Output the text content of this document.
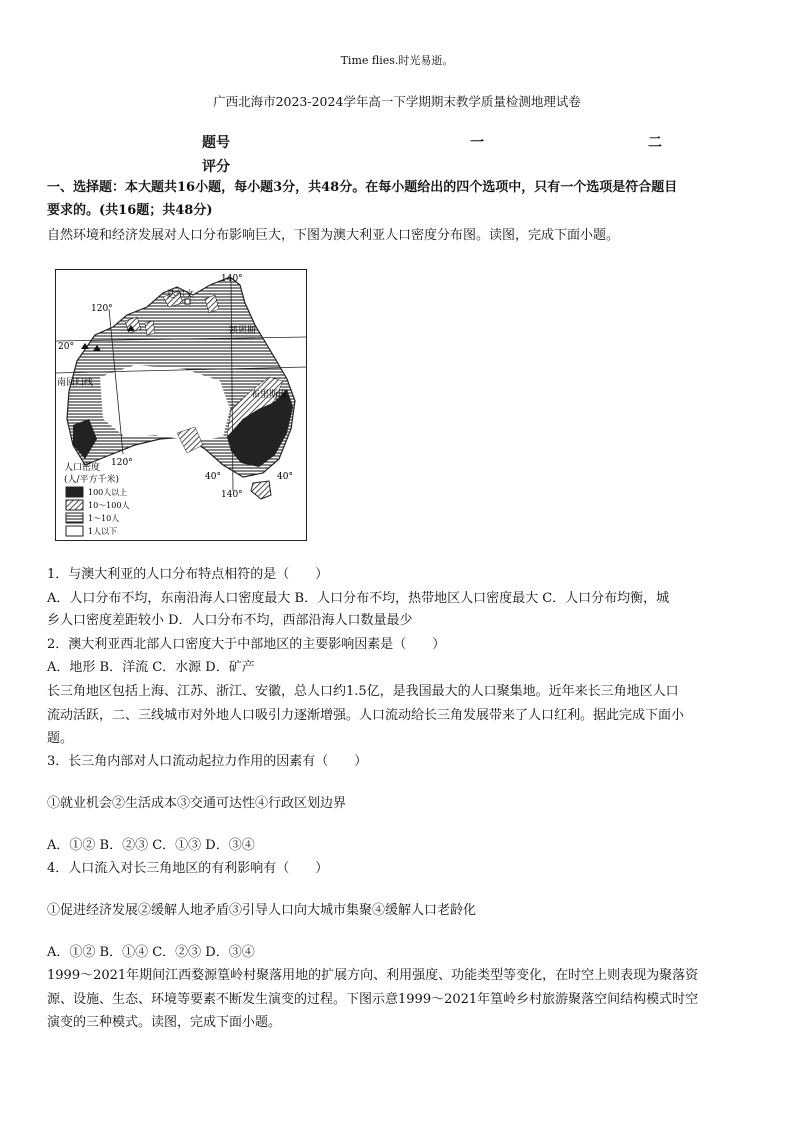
Time flies.时光易逝。
广西北海市2023-2024学年高一下学期期末教学质量检测地理试卷
题号	一	二
评分
一、选择题：本大题共16小题，每小题3分，共48分。在每小题给出的四个选项中，只有一个选项是符合题目
要求的。(共16题；共48分)
自然环境和经济发展对人口分布影响巨大，下图为澳大利亚人口密度分布图。读图，完成下面小题。
140°
120°
20°
达尔文
凯恩斯
南回归线
布里斯班
120°
40°	40°
140°
人口密度
(人/平方千米)
100人以上
10～100人
1～10人
1人以下
1．与澳大利亚的人口分布特点相符的是（　　）
A．人口分布不均，东南沿海人口密度最大 B．人口分布不均，热带地区人口密度最大 C．人口分布均衡，城
乡人口密度差距较小 D．人口分布不均，西部沿海人口数量最少
2．澳大利亚西北部人口密度大于中部地区的主要影响因素是（　　）
A．地形 B．洋流 C．水源 D．矿产
长三角地区包括上海、江苏、浙江、安徽，总人口约1.5亿，是我国最大的人口聚集地。近年来长三角地区人口
流动活跃，二、三线城市对外地人口吸引力逐渐增强。人口流动给长三角发展带来了人口红利。据此完成下面小
题。
3．长三角内部对人口流动起拉力作用的因素有（　　）
①就业机会②生活成本③交通可达性④行政区划边界
A．①② B．②③ C．①③ D．③④
4．人口流入对长三角地区的有利影响有（　　）
①促进经济发展②缓解人地矛盾③引导人口向大城市集聚④缓解人口老龄化
A．①② B．①④ C．②③ D．③④
1999～2021年期间江西婺源篁岭村聚落用地的扩展方向、利用强度、功能类型等变化，在时空上则表现为聚落资
源、设施、生态、环境等要素不断发生演变的过程。下图示意1999～2021年篁岭乡村旅游聚落空间结构模式时空
演变的三种模式。读图，完成下面小题。
